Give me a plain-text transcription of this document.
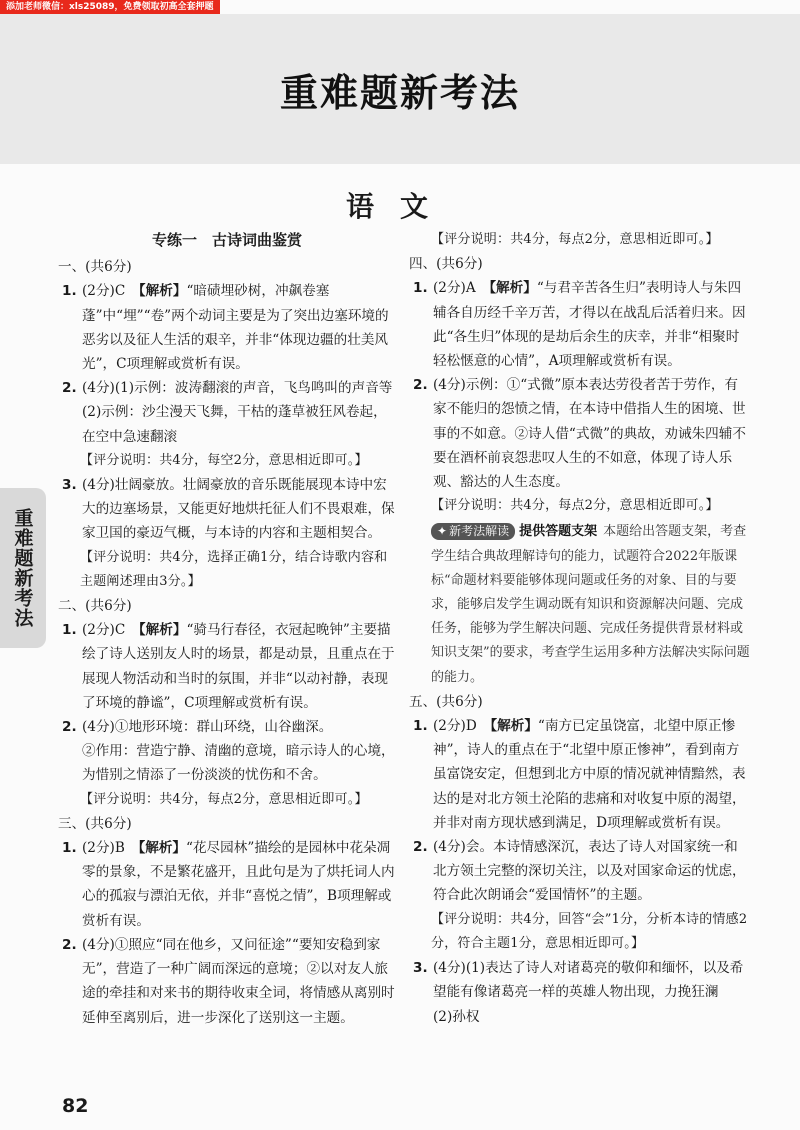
添加老师微信：xls25089，免费领取初高全套押题
重难题新考法
语文
重难题新考法

专练一　古诗词曲鉴赏

一、(共6分)

1. (2分)C　【解析】“暗碛埋砂树，冲飙卷塞蓬”中“埋”“卷”两个动词主要是为了突出边塞环境的恶劣以及征人生活的艰辛，并非“体现边疆的壮美风光”，C项理解或赏析有误。

2. (4分)(1)示例：波涛翻滚的声音，飞鸟鸣叫的声音等

(2)示例：沙尘漫天飞舞，干枯的蓬草被狂风卷起，在空中急速翻滚

【评分说明：共4分，每空2分，意思相近即可。】

3. (4分)壮阔豪放。壮阔豪放的音乐既能展现本诗中宏大的边塞场景，又能更好地烘托征人们不畏艰难，保家卫国的豪迈气概，与本诗的内容和主题相契合。

【评分说明：共4分，选择正确1分，结合诗歌内容和主题阐述理由3分。】

二、(共6分)

1. (2分)C　【解析】“骑马行春径，衣冠起晚钟”主要描绘了诗人送别友人时的场景，都是动景，且重点在于展现人物活动和当时的氛围，并非“以动衬静，表现了环境的静谧”，C项理解或赏析有误。

2. (4分)①地形环境：群山环绕，山谷幽深。

②作用：营造宁静、清幽的意境，暗示诗人的心境，为惜别之情添了一份淡淡的忧伤和不舍。

【评分说明：共4分，每点2分，意思相近即可。】

三、(共6分)

1. (2分)B　【解析】“花尽园林”描绘的是园林中花朵凋零的景象，不是繁花盛开，且此句是为了烘托词人内心的孤寂与漂泊无依，并非“喜悦之情”，B项理解或赏析有误。

2. (4分)①照应“同在他乡，又问征途”“要知安稳到家无”，营造了一种广阔而深远的意境；②以对友人旅途的牵挂和对来书的期待收束全词，将情感从离别时延伸至离别后，进一步深化了送别这一主题。

【评分说明：共4分，每点2分，意思相近即可。】

四、(共6分)

1. (2分)A　【解析】“与君辛苦各生归”表明诗人与朱四辅各自历经千辛万苦，才得以在战乱后活着归来。因此“各生归”体现的是劫后余生的庆幸，并非“相聚时轻松惬意的心情”，A项理解或赏析有误。

2. (4分)示例：①“式微”原本表达劳役者苦于劳作，有家不能归的怨愤之情，在本诗中借指人生的困境、世事的不如意。②诗人借“式微”的典故，劝诫朱四辅不要在酒杯前哀怨悲叹人生的不如意，体现了诗人乐观、豁达的人生态度。

【评分说明：共4分，每点2分，意思相近即可。】

✦ 新考法解读 提供答题支架 本题给出答题支架，考查学生结合典故理解诗句的能力，试题符合2022年版课标“命题材料要能够体现问题或任务的对象、目的与要求，能够启发学生调动既有知识和资源解决问题、完成任务，能够为学生解决问题、完成任务提供背景材料或知识支架”的要求，考查学生运用多种方法解决实际问题的能力。

五、(共6分)

1. (2分)D　【解析】“南方已定虽饶富，北望中原正惨神”，诗人的重点在于“北望中原正惨神”，看到南方虽富饶安定，但想到北方中原的情况就神情黯然，表达的是对北方领土沦陷的悲痛和对收复中原的渴望，并非对南方现状感到满足，D项理解或赏析有误。

2. (4分)会。本诗情感深沉，表达了诗人对国家统一和北方领土完整的深切关注，以及对国家命运的忧虑，符合此次朗诵会“爱国情怀”的主题。

【评分说明：共4分，回答“会”1分，分析本诗的情感2分，符合主题1分，意思相近即可。】

3. (4分)(1)表达了诗人对诸葛亮的敬仰和缅怀，以及希望能有像诸葛亮一样的英雄人物出现，力挽狂澜　(2)孙权

82
